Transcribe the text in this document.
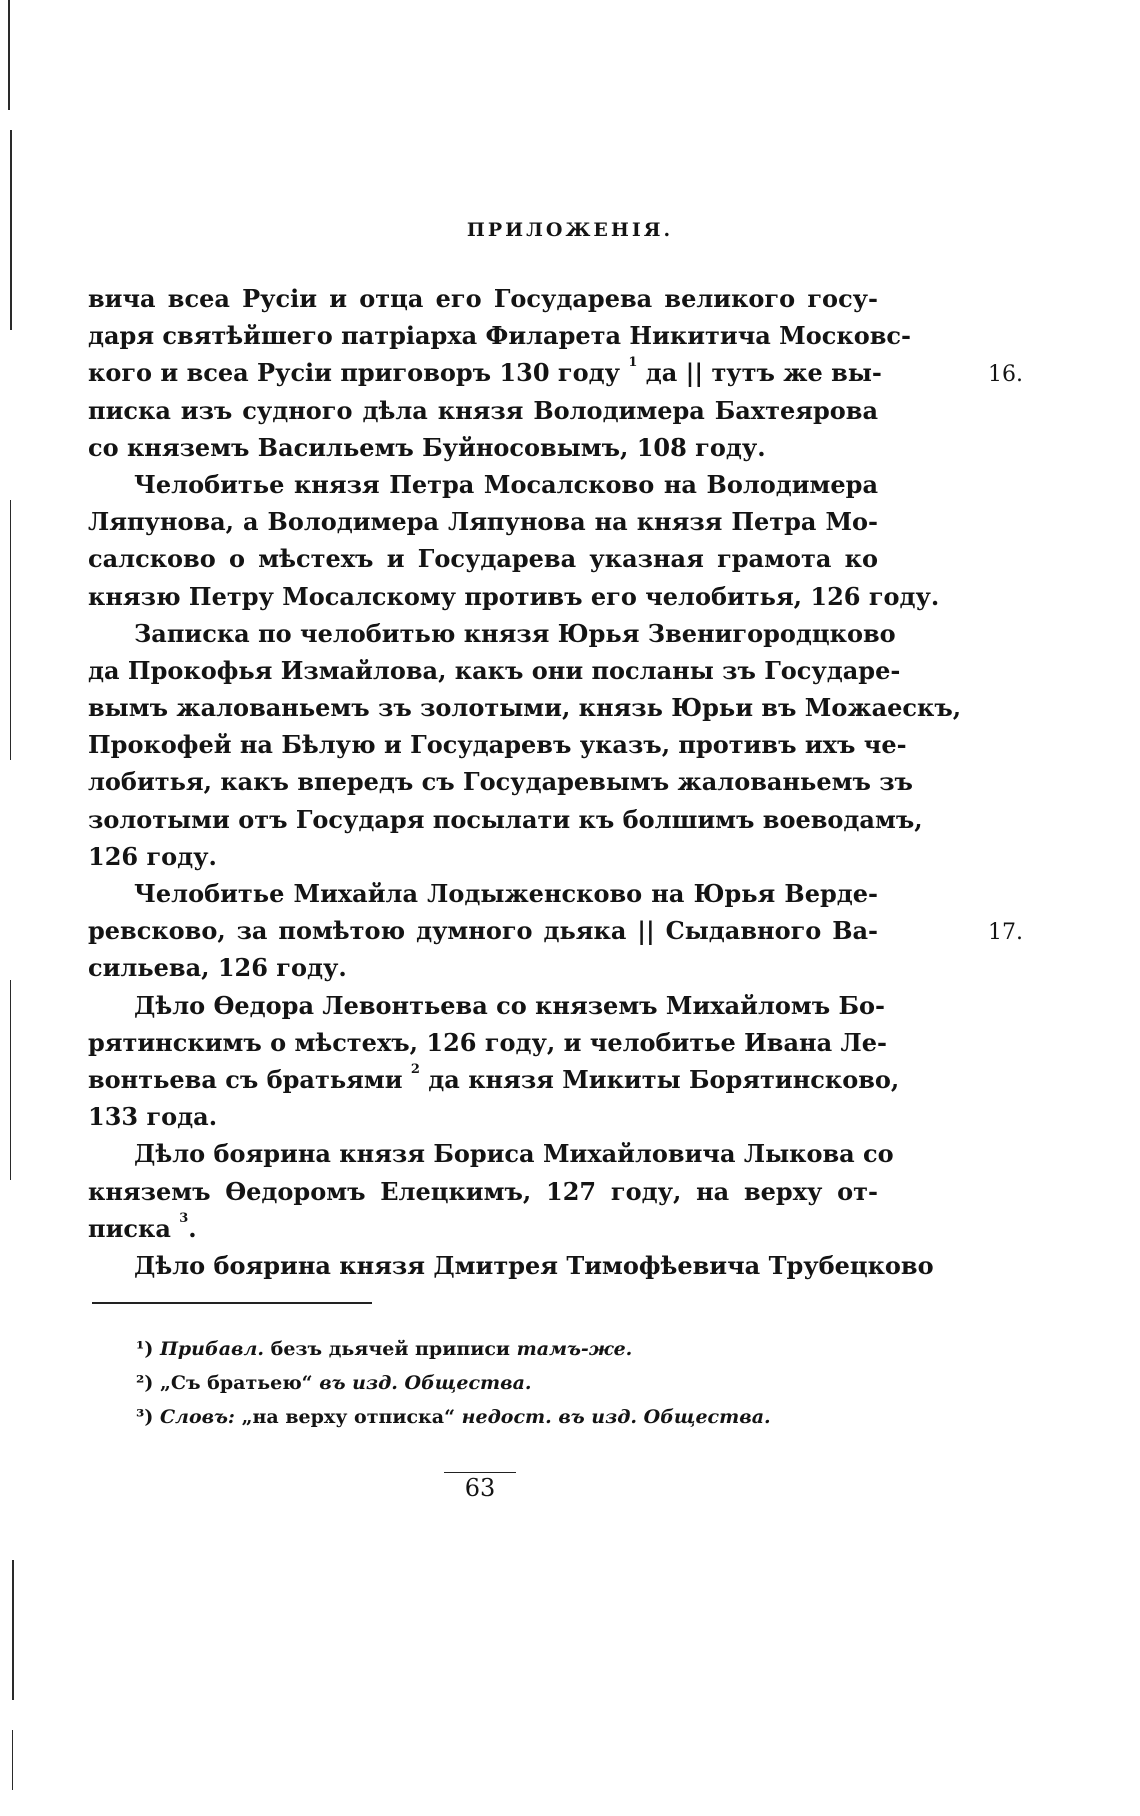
ПРИЛОЖЕНІЯ.
вича всеа Русіи и отца его Государева великого госу-
даря святѣйшего патріарха Филарета Никитича Московс-
кого и всеа Русіи приговоръ 130 году $^1$ да || тутъ же вы-
писка изъ судного дѣла князя Володимера Бахтеярова
со княземъ Васильемъ Буйносовымъ, 108 году.
Челобитье князя Петра Мосалсково на Володимера
Ляпунова, а Володимера Ляпунова на князя Петра Мо-
салсково о мѣстехъ и Государева указная грамота ко
князю Петру Мосалскому противъ его челобитья, 126 году.
Записка по челобитью князя Юрья Звенигородцково
да Прокофья Измайлова, какъ они посланы зъ Государе-
вымъ жалованьемъ зъ золотыми, князь Юрьи въ Можаескъ,
Прокофей на Бѣлую и Государевъ указъ, противъ ихъ че-
лобитья, какъ впередъ съ Государевымъ жалованьемъ зъ
золотыми отъ Государя посылати къ болшимъ воеводамъ,
126 году.
Челобитье Михайла Лодыженсково на Юрья Верде-
ревсково, за помѣтою думного дьяка || Сыдавного Ва-
сильева, 126 году.
Дѣло Ѳедора Левонтьева со княземъ Михайломъ Бо-
рятинскимъ о мѣстехъ, 126 году, и челобитье Ивана Ле-
вонтьева съ братьями $^2$ да князя Микиты Борятинсково,
133 года.
Дѣло боярина князя Бориса Михайловича Лыкова со
княземъ Ѳедоромъ Елецкимъ, 127 году, на верху от-
писка $^3$.
Дѣло боярина князя Дмитрея Тимофѣевича Трубецково
16.
17.
¹) Прибавл. безъ дьячей приписи тамъ-же.
²) „Съ братьею“ въ изд. Общества.
³) Словъ: „на верху отписка“ недост. въ изд. Общества.
63
